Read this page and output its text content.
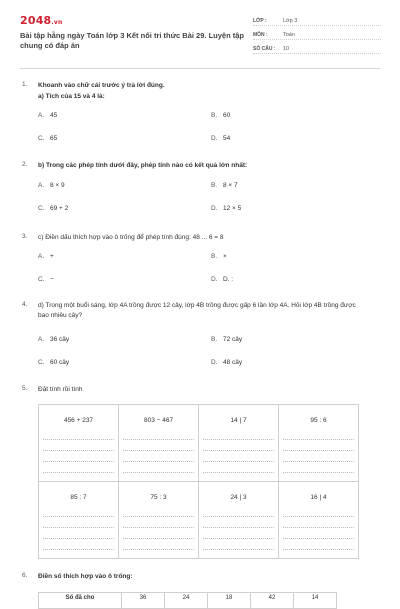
2048.vn
Bài tập hằng ngày Toán lớp 3 Kết nối tri thức Bài 29. Luyện tập chung có đáp án
LỚP :	Lớp 3
MÔN :	Toán
SỐ CÂU : 10
1. Khoanh vào chữ cái trước ý trả lời đúng.
a) Tích của 15 và 4 là:
A. 45	B. 60
C. 65	D. 54
2. b) Trong các phép tính dưới đây, phép tính nào có kết quả lớn nhất:
A. 8 × 9	B. 8 × 7
C. 69 + 2	D. 12 × 5
3. c) Điền dấu thích hợp vào ô trống để phép tính đúng: 48 ... 6 = 8
A. +	B. ×
C. −	D. D. :
4. d) Trong một buổi sáng, lớp 4A trồng được 12 cây, lớp 4B trồng được gấp 6 lần lớp 4A. Hỏi lớp 4B trồng được bao nhiêu cây?
A. 36 cây	B. 72 cây
C. 60 cây	D. 48 cây
5. Đặt tính rồi tính
456 + 237	803 − 467	14 | 7	95 : 6

85 : 7	75 : 3	24 | 3	16 | 4
6. Điền số thích hợp vào ô trống:
Số đã cho	36	24	18	42	14
